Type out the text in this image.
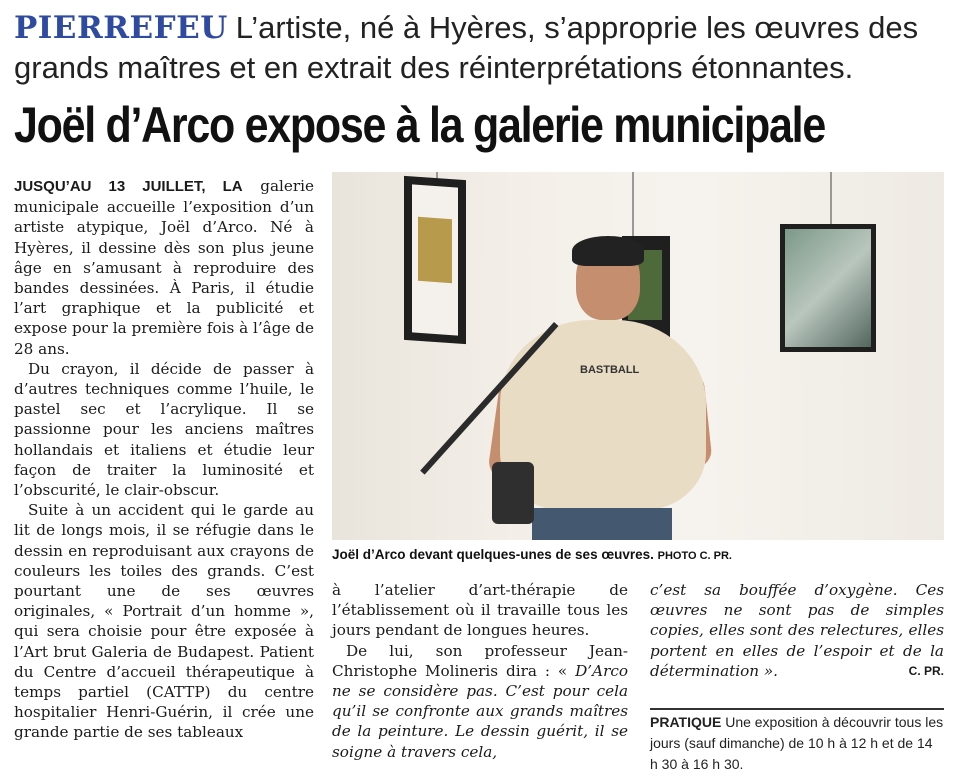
PIERREFEU L’artiste, né à Hyères, s’approprie les œuvres des grands maîtres et en extrait des réinterprétations étonnantes.
Joël d’Arco expose à la galerie municipale

JUSQU’AU 13 JUILLET, LA galerie municipale accueille l’exposition d’un artiste atypique, Joël d’Arco. Né à Hyères, il dessine dès son plus jeune âge en s’amusant à reproduire des bandes dessinées. À Paris, il étudie l’art graphique et la publicité et expose pour la première fois à l’âge de 28 ans.

Du crayon, il décide de passer à d’autres techniques comme l’huile, le pastel sec et l’acrylique. Il se passionne pour les anciens maîtres hollandais et italiens et étudie leur façon de traiter la luminosité et l’obscurité, le clair-obscur.

Suite à un accident qui le garde au lit de longs mois, il se réfugie dans le dessin en reproduisant aux crayons de couleurs les toiles des grands. C’est pourtant une de ses œuvres originales, « Portrait d’un homme », qui sera choisie pour être exposée à l’Art brut Galeria de Budapest. Patient du Centre d’accueil thérapeutique à temps partiel (CATTP) du centre hospitalier Henri-Guérin, il crée une grande partie de ses tableaux

BASTBALL
Joël d’Arco devant quelques-unes de ses œuvres. PHOTO C. PR.

à l’atelier d’art-thérapie de l’établissement où il travaille tous les jours pendant de longues heures.

De lui, son professeur Jean-Christophe Molineris dira : « D’Arco ne se considère pas. C’est pour cela qu’il se confronte aux grands maîtres de la peinture. Le dessin guérit, il se soigne à travers cela,

c’est sa bouffée d’oxygène. Ces œuvres ne sont pas de simples copies, elles sont des relectures, elles portent en elles de l’espoir et de la détermination ».	C. PR.

PRATIQUE Une exposition à découvrir tous les jours (sauf dimanche) de 10 h à 12 h et de 14 h 30 à 16 h 30.
